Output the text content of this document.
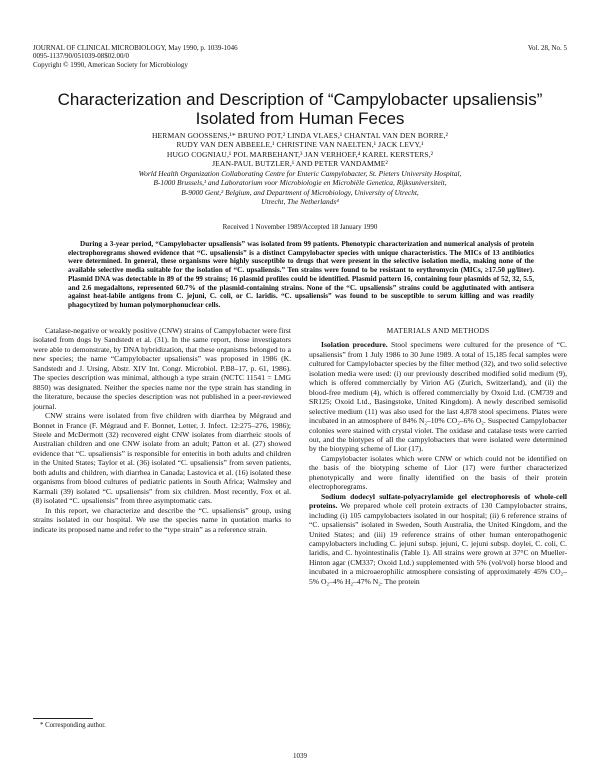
JOURNAL OF CLINICAL MICROBIOLOGY, May 1990, p. 1039-1046
0095-1137/90/051039-08$02.00/0
Copyright © 1990, American Society for Microbiology
Vol. 28, No. 5
Characterization and Description of “Campylobacter upsaliensis”
Isolated from Human Feces
HERMAN GOOSSENS,¹* BRUNO POT,² LINDA VLAES,¹ CHANTAL VAN DEN BORRE,²
RUDY VAN DEN ABBEELE,¹ CHRISTINE VAN NAELTEN,¹ JACK LEVY,¹
HUGO COGNIAU,¹ POL MARBEHANT,³ JAN VERHOEF,⁴ KAREL KERSTERS,²
JEAN-PAUL BUTZLER,¹ AND PETER VANDAMME²
World Health Organization Collaborating Centre for Enteric Campylobacter, St. Pieters University Hospital,
B-1000 Brussels,¹ and Laboratorium voor Microbiologie en Microbiële Genetica, Rijksuniversiteit,
B-9000 Gent,² Belgium, and Department of Microbiology, University of Utrecht,
Utrecht, The Netherlands⁴
Received 1 November 1989/Accepted 18 January 1990
During a 3-year period, “Campylobacter upsaliensis” was isolated from 99 patients. Phenotypic characterization and numerical analysis of protein electrophoregrams showed evidence that “C. upsaliensis” is a distinct Campylobacter species with unique characteristics. The MICs of 13 antibiotics were determined. In general, these organisms were highly susceptible to drugs that were present in the selective isolation media, making none of the available selective media suitable for the isolation of “C. upsaliensis.” Ten strains were found to be resistant to erythromycin (MICs, ≥17.50 μg/liter). Plasmid DNA was detectable in 89 of the 99 strains; 16 plasmid profiles could be identified. Plasmid pattern 16, containing four plasmids of 52, 32, 5.5, and 2.6 megadaltons, represented 60.7% of the plasmid-containing strains. None of the “C. upsaliensis” strains could be agglutinated with antisera against heat-labile antigens from C. jejuni, C. coli, or C. laridis. “C. upsaliensis” was found to be susceptible to serum killing and was readily phagocytized by human polymorphonuclear cells.

Catalase-negative or weakly positive (CNW) strains of Campylobacter were first isolated from dogs by Sandstedt et al. (31). In the same report, those investigators were able to demonstrate, by DNA hybridization, that these organisms belonged to a new species; the name “Campylobacter upsaliensis” was proposed in 1986 (K. Sandstedt and J. Ursing, Abstr. XIV Int. Congr. Microbiol. P.B8–17, p. 61, 1986). The species description was minimal, although a type strain (NCTC 11541 = LMG 8850) was designated. Neither the species name nor the type strain has standing in the literature, because the species description was not published in a peer-reviewed journal.

CNW strains were isolated from five children with diarrhea by Mégraud and Bonnet in France (F. Mégraud and F. Bonnet, Letter, J. Infect. 12:275–276, 1986); Steele and McDermott (32) recovered eight CNW isolates from diarrheic stools of Australian children and one CNW isolate from an adult; Patton et al. (27) showed evidence that “C. upsaliensis” is responsible for enteritis in both adults and children in the United States; Taylor et al. (36) isolated “C. upsaliensis” from seven patients, both adults and children, with diarrhea in Canada; Lastovica et al. (16) isolated these organisms from blood cultures of pediatric patients in South Africa; Walmsley and Karmali (39) isolated “C. upsaliensis” from six children. Most recently, Fox et al. (8) isolated “C. upsaliensis” from three asymptomatic cats.

In this report, we characterize and describe the “C. upsaliensis” group, using strains isolated in our hospital. We use the species name in quotation marks to indicate its proposed name and refer to the “type strain” as a reference strain.

MATERIALS AND METHODS

Isolation procedure. Stool specimens were cultured for the presence of “C. upsaliensis” from 1 July 1986 to 30 June 1989. A total of 15,185 fecal samples were cultured for Campylobacter species by the filter method (32), and two solid selective isolation media were used: (i) our previously described modified solid medium (9), which is offered commercially by Virion AG (Zurich, Switzerland), and (ii) the blood-free medium (4), which is offered commercially by Oxoid Ltd. (CM739 and SR125; Oxoid Ltd., Basingstoke, United Kingdom). A newly described semisolid selective medium (11) was also used for the last 4,878 stool specimens. Plates were incubated in an atmosphere of 84% N₂–10% CO₂–6% O₂. Suspected Campylobacter colonies were stained with crystal violet. The oxidase and catalase tests were carried out, and the biotypes of all the campylobacters that were isolated were determined by the biotyping scheme of Lior (17).

Campylobacter isolates which were CNW or which could not be identified on the basis of the biotyping scheme of Lior (17) were further characterized phenotypically and were finally identified on the basis of their protein electrophoregrams.

Sodium dodecyl sulfate-polyacrylamide gel electrophoresis of whole-cell proteins. We prepared whole cell protein extracts of 130 Campylobacter strains, including (i) 105 campylobacters isolated in our hospital; (ii) 6 reference strains of “C. upsaliensis” isolated in Sweden, South Australia, the United Kingdom, and the United States; and (iii) 19 reference strains of other human enteropathogenic campylobacters including C. jejuni subsp. jejuni, C. jejuni subsp. doylei, C. coli, C. laridis, and C. hyointestinalis (Table 1). All strains were grown at 37°C on Mueller-Hinton agar (CM337; Oxoid Ltd.) supplemented with 5% (vol/vol) horse blood and incubated in a microaerophilic atmosphere consisting of approximately 45% CO₂–5% O₂–4% H₂–47% N₂. The protein

* Corresponding author.
1039
